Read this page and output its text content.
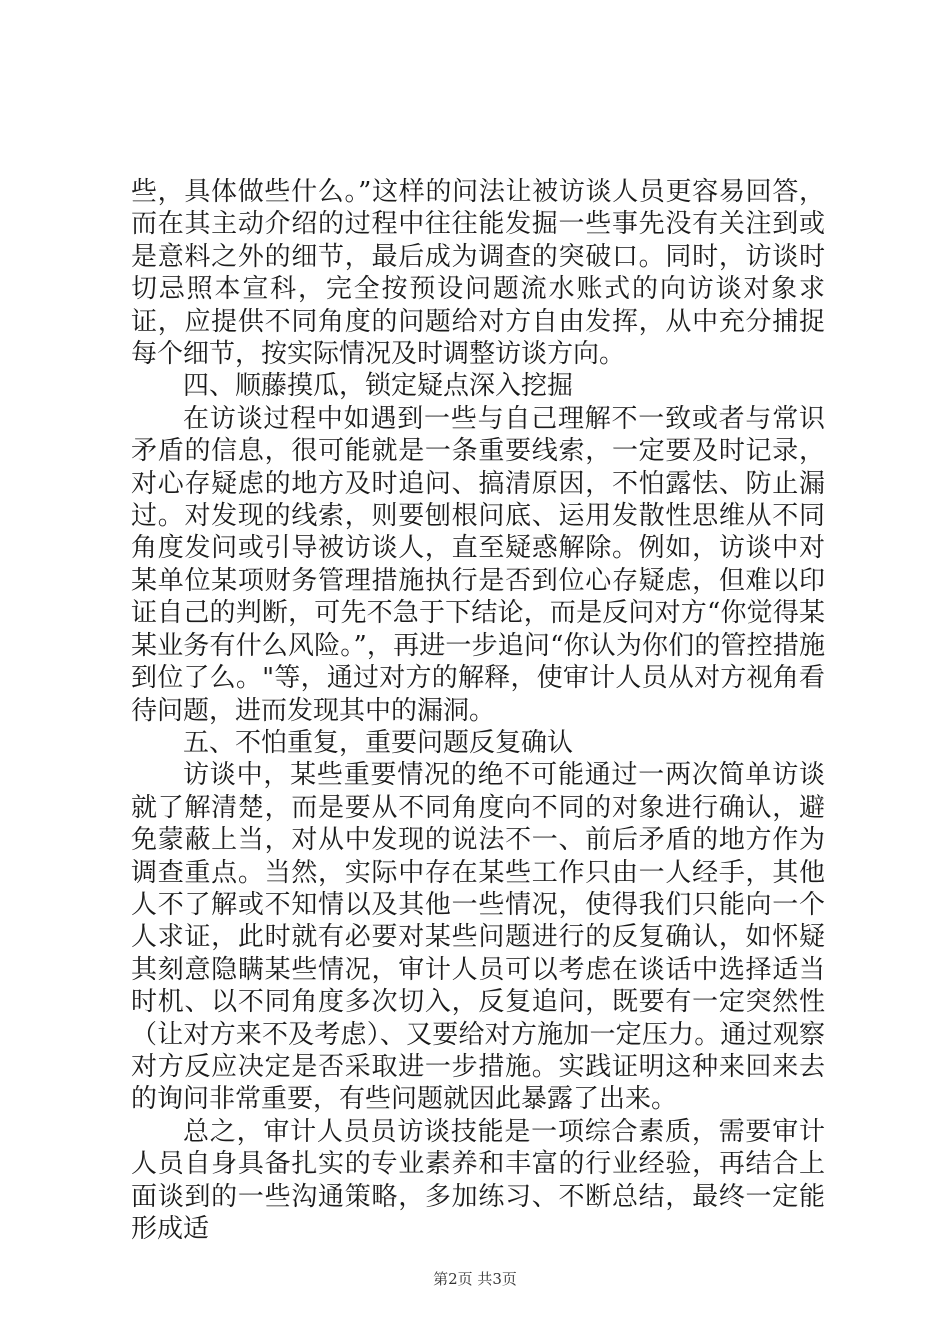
些，具体做些什么。”这样的问法让被访谈人员更容易回答，而在其主动介绍的过程中往往能发掘一些事先没有关注到或是意料之外的细节，最后成为调查的突破口。同时，访谈时切忌照本宣科，完全按预设问题流水账式的向访谈对象求证，应提供不同角度的问题给对方自由发挥，从中充分捕捉每个细节，按实际情况及时调整访谈方向。

四、顺藤摸瓜，锁定疑点深入挖掘

在访谈过程中如遇到一些与自己理解不一致或者与常识矛盾的信息，很可能就是一条重要线索，一定要及时记录，对心存疑虑的地方及时追问、搞清原因，不怕露怯、防止漏过。对发现的线索，则要刨根问底、运用发散性思维从不同角度发问或引导被访谈人，直至疑惑解除。例如，访谈中对某单位某项财务管理措施执行是否到位心存疑虑，但难以印证自己的判断，可先不急于下结论，而是反问对方“你觉得某某业务有什么风险。”，再进一步追问“你认为你们的管控措施到位了么。"等，通过对方的解释，使审计人员从对方视角看待问题，进而发现其中的漏洞。

五、不怕重复，重要问题反复确认

访谈中，某些重要情况的绝不可能通过一两次简单访谈就了解清楚，而是要从不同角度向不同的对象进行确认，避免蒙蔽上当，对从中发现的说法不一、前后矛盾的地方作为调查重点。当然，实际中存在某些工作只由一人经手，其他人不了解或不知情以及其他一些情况，使得我们只能向一个人求证，此时就有必要对某些问题进行的反复确认，如怀疑其刻意隐瞒某些情况，审计人员可以考虑在谈话中选择适当时机、以不同角度多次切入，反复追问，既要有一定突然性（让对方来不及考虑）、又要给对方施加一定压力。通过观察对方反应决定是否采取进一步措施。实践证明这种来回来去的询问非常重要，有些问题就因此暴露了出来。

总之，审计人员员访谈技能是一项综合素质，需要审计人员自身具备扎实的专业素养和丰富的行业经验，再结合上面谈到的一些沟通策略，多加练习、不断总结，最终一定能形成适

第2页 共3页
